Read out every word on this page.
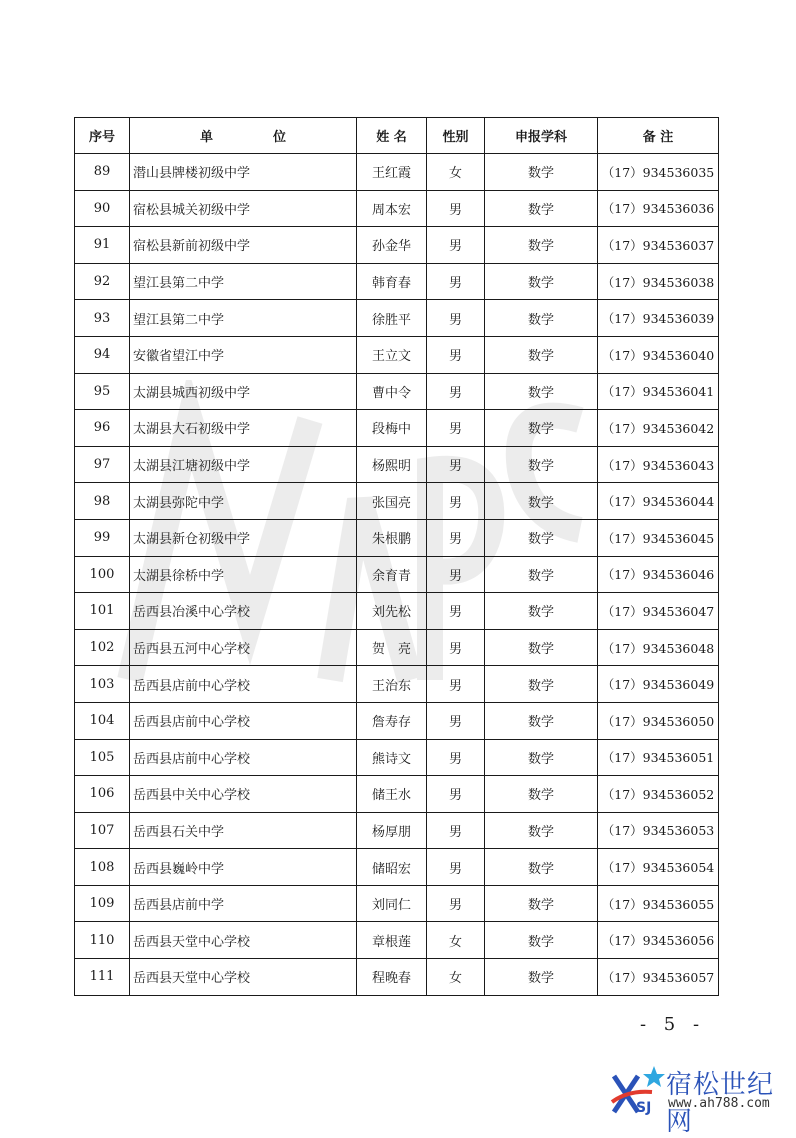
序号	单 位	姓 名	性别	申报学科	备 注
89	潜山县牌楼初级中学	王红霞	女	数学	（17）934536035
90	宿松县城关初级中学	周本宏	男	数学	（17）934536036
91	宿松县新前初级中学	孙金华	男	数学	（17）934536037
92	望江县第二中学	韩育春	男	数学	（17）934536038
93	望江县第二中学	徐胜平	男	数学	（17）934536039
94	安徽省望江中学	王立文	男	数学	（17）934536040
95	太湖县城西初级中学	曹中令	男	数学	（17）934536041
96	太湖县大石初级中学	段梅中	男	数学	（17）934536042
97	太湖县江塘初级中学	杨熙明	男	数学	（17）934536043
98	太湖县弥陀中学	张国亮	男	数学	（17）934536044
99	太湖县新仓初级中学	朱根鹏	男	数学	（17）934536045
100	太湖县徐桥中学	余育青	男	数学	（17）934536046
101	岳西县冶溪中心学校	刘先松	男	数学	（17）934536047
102	岳西县五河中心学校	贺　亮	男	数学	（17）934536048
103	岳西县店前中心学校	王治东	男	数学	（17）934536049
104	岳西县店前中心学校	詹寿存	男	数学	（17）934536050
105	岳西县店前中心学校	熊诗文	男	数学	（17）934536051
106	岳西县中关中心学校	储王水	男	数学	（17）934536052
107	岳西县石关中学	杨厚朋	男	数学	（17）934536053
108	岳西县巍岭中学	储昭宏	男	数学	（17）934536054
109	岳西县店前中学	刘同仁	男	数学	（17）934536055
110	岳西县天堂中心学校	章根莲	女	数学	（17）934536056
111	岳西县天堂中心学校	程晚春	女	数学	（17）934536057
- 5 -
SJ
宿松世纪网
www.ah788.com
